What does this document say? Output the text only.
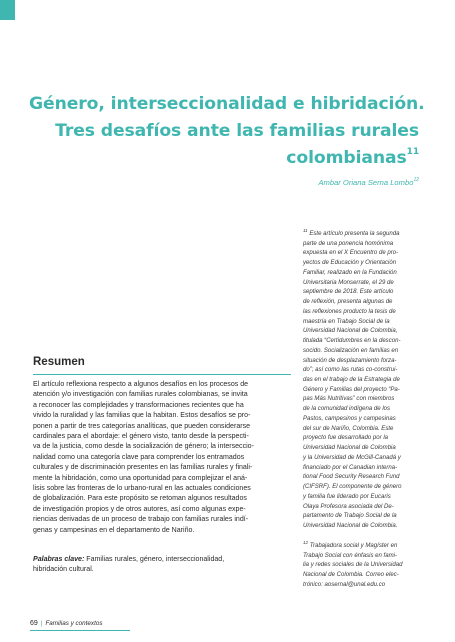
Género, interseccionalidad e hibridación.
Tres desafíos ante las familias rurales
colombianas$^{11}$
Ambar Oriana Serna Lombo$^{12}$
$^{11}$ Este artículo presenta la segunda
parte de una ponencia homónima
expuesta en el X Encuentro de pro-
yectos de Educación y Orientación
Familiar, realizado en la Fundación
Universitaria Monserrate, el 29 de
septiembre de 2018. Este artículo
de reflexión, presenta algunas de
las reflexiones producto la tesis de
maestría en Trabajo Social de la
Universidad Nacional de Colombia,
titulada “Certidumbres en la descon-
socido. Socialización en familias en
situación de desplazamiento forza-
do”; así como las rutas co-construi-
das en el trabajo de la Estrategia de
Género y Familias del proyecto “Pa-
pas Más Nutritivas” con miembros
de la comunidad indígena de los
Pastos, campesinos y campesinas
del sur de Nariño, Colombia. Este
proyecto fue desarrollado por la
Universidad Nacional de Colombia
y la Universidad de McGill-Canadá y
financiado por el Canadian interna-
tional Food Security Research Fund
(CIFSRF). El componente de género
y familia fue liderado por Eucaris
Olaya Profesora asociada del De-
partamento de Trabajo Social de la
Universidad Nacional de Colombia.
$^{12}$ Trabajadora social y Magíster en
Trabajo Social con énfasis en fami-
lia y redes sociales de la Universidad
Nacional de Colombia. Correo elec-
trónico: aosernal@unal.edu.co
Resumen
El artículo reflexiona respecto a algunos desafíos en los procesos de
atención y/o investigación con familias rurales colombianas, se invita
a reconocer las complejidades y transformaciones recientes que ha
vivido la ruralidad y las familias que la habitan. Estos desafíos se pro-
ponen a partir de tres categorías analíticas, que pueden considerarse
cardinales para el abordaje: el género visto, tanto desde la perspecti-
va de la justicia, como desde la socialización de género; la interseccio-
nalidad como una categoría clave para comprender los entramados
culturales y de discriminación presentes en las familias rurales y finali-
mente la hibridación, como una oportunidad para complejizar el aná-
lisis sobre las fronteras de lo urbano-rural en las actuales condiciones
de globalización. Para este propósito se retoman algunos resultados
de investigación propios y de otros autores, así como algunas expe-
riencias derivadas de un proceso de trabajo con familias rurales indí-
genas y campesinas en el departamento de Nariño.
Palabras clave: Familias rurales, género, interseccionalidad,
hibridación cultural.
69 | Familias y contextos
